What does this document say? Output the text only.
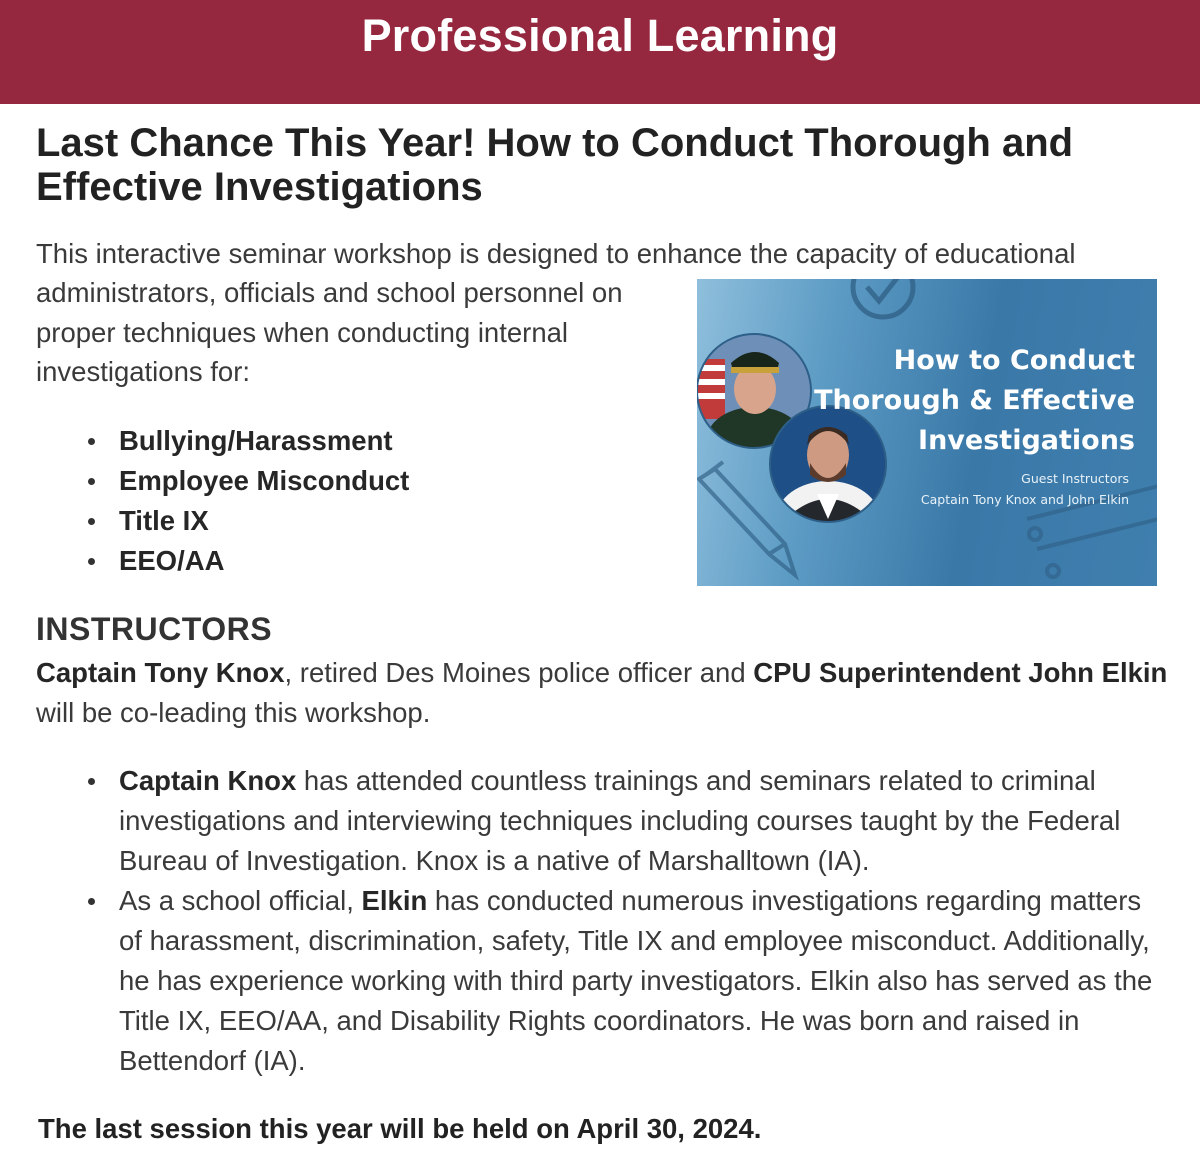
Professional Learning
Last Chance This Year! How to Conduct Thorough and Effective Investigations
This interactive seminar workshop is designed to enhance the capacity of educational
administrators, officials and school personnel on proper techniques when conducting internal investigations for:
Bullying/Harassment
Employee Misconduct
Title IX
EEO/AA
How to Conduct
Thorough & Effective
Investigations
Guest Instructors
Captain Tony Knox and John Elkin
INSTRUCTORS
Captain Tony Knox, retired Des Moines police officer and CPU Superintendent John Elkin will be co-leading this workshop.
Captain Knox has attended countless trainings and seminars related to criminal investigations and interviewing techniques including courses taught by the Federal Bureau of Investigation. Knox is a native of Marshalltown (IA).
As a school official, Elkin has conducted numerous investigations regarding matters of harassment, discrimination, safety, Title IX and employee misconduct. Additionally, he has experience working with third party investigators. Elkin also has served as the Title IX, EEO/AA, and Disability Rights coordinators. He was born and raised in Bettendorf (IA).
The last session this year will be held on April 30, 2024.
